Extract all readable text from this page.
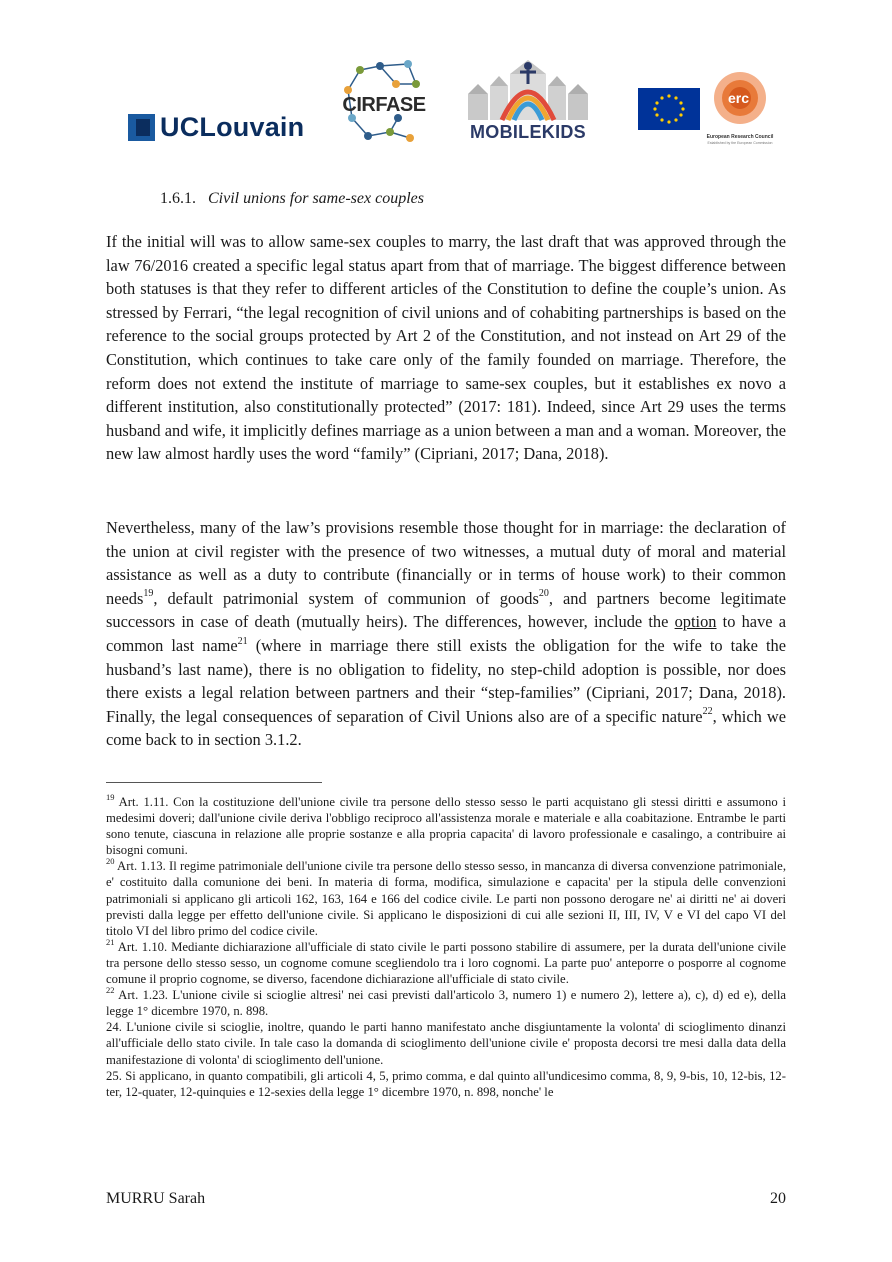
UCLouvain
CIRFASE
MOBILEKIDS
erc
European Research Council
Established by the European Commission
1.6.1. Civil unions for same-sex couples

If the initial will was to allow same-sex couples to marry, the last draft that was approved through the law 76/2016 created a specific legal status apart from that of marriage. The biggest difference between both statuses is that they refer to different articles of the Constitution to define the couple’s union. As stressed by Ferrari, “the legal recognition of civil unions and of cohabiting partnerships is based on the reference to the social groups protected by Art 2 of the Constitution, and not instead on Art 29 of the Constitution, which continues to take care only of the family founded on marriage. Therefore, the reform does not extend the institute of marriage to same-sex couples, but it establishes ex novo a different institution, also constitutionally protected” (2017: 181). Indeed, since Art 29 uses the terms husband and wife, it implicitly defines marriage as a union between a man and a woman. Moreover, the new law almost hardly uses the word “family” (Cipriani, 2017; Dana, 2018).

Nevertheless, many of the law’s provisions resemble those thought for in marriage: the declaration of the union at civil register with the presence of two witnesses, a mutual duty of moral and material assistance as well as a duty to contribute (financially or in terms of house work) to their common needs$^{19}$, default patrimonial system of communion of goods$^{20}$, and partners become legitimate successors in case of death (mutually heirs). The differences, however, include the option to have a common last name$^{21}$ (where in marriage there still exists the obligation for the wife to take the husband’s last name), there is no obligation to fidelity, no step-child adoption is possible, nor does there exists a legal relation between partners and their “step-families” (Cipriani, 2017; Dana, 2018). Finally, the legal consequences of separation of Civil Unions also are of a specific nature$^{22}$, which we come back to in section 3.1.2.

$^{19}$ Art. 1.11. Con la costituzione dell'unione civile tra persone dello stesso sesso le parti acquistano gli stessi diritti e assumono i medesimi doveri; dall'unione civile deriva l'obbligo reciproco all'assistenza morale e materiale e alla coabitazione. Entrambe le parti sono tenute, ciascuna in relazione alle proprie sostanze e alla propria capacita' di lavoro professionale e casalingo, a contribuire ai bisogni comuni.

$^{20}$ Art. 1.13. Il regime patrimoniale dell'unione civile tra persone dello stesso sesso, in mancanza di diversa convenzione patrimoniale, e' costituito dalla comunione dei beni. In materia di forma, modifica, simulazione e capacita' per la stipula delle convenzioni patrimoniali si applicano gli articoli 162, 163, 164 e 166 del codice civile. Le parti non possono derogare ne' ai diritti ne' ai doveri previsti dalla legge per effetto dell'unione civile. Si applicano le disposizioni di cui alle sezioni II, III, IV, V e VI del capo VI del titolo VI del libro primo del codice civile.

$^{21}$ Art. 1.10. Mediante dichiarazione all'ufficiale di stato civile le parti possono stabilire di assumere, per la durata dell'unione civile tra persone dello stesso sesso, un cognome comune scegliendolo tra i loro cognomi. La parte puo' anteporre o posporre al cognome comune il proprio cognome, se diverso, facendone dichiarazione all'ufficiale di stato civile.

$^{22}$ Art. 1.23. L'unione civile si scioglie altresi' nei casi previsti dall'articolo 3, numero 1) e numero 2), lettere a), c), d) ed e), della legge 1° dicembre 1970, n. 898.

24. L'unione civile si scioglie, inoltre, quando le parti hanno manifestato anche disgiuntamente la volonta' di scioglimento dinanzi all'ufficiale dello stato civile. In tale caso la domanda di scioglimento dell'unione civile e' proposta decorsi tre mesi dalla data della manifestazione di volonta' di scioglimento dell'unione.

25. Si applicano, in quanto compatibili, gli articoli 4, 5, primo comma, e dal quinto all'undicesimo comma, 8, 9, 9-bis, 10, 12-bis, 12-ter, 12-quater, 12-quinquies e 12-sexies della legge 1° dicembre 1970, n. 898, nonche' le

MURRU Sarah	20
